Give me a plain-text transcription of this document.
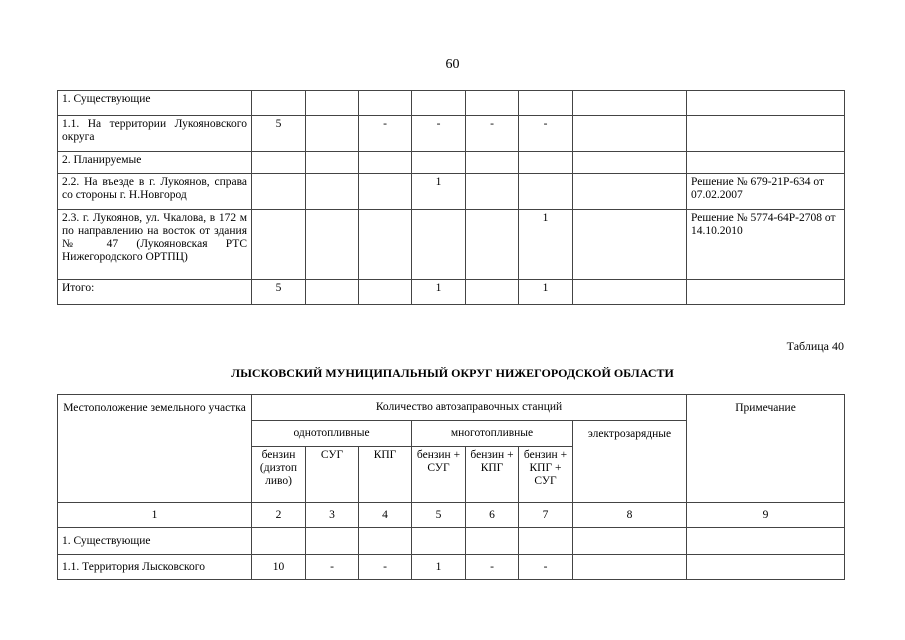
60
1. Существующие								
1.1. На территории Лукояновского округа	5		-	-	-	-		
2. Планируемые								
2.2. На въезде в г. Лукоянов, справа со стороны г. Н.Новгород				1				Решение № 679-21Р-634 от 07.02.2007
2.3. г. Лукоянов, ул. Чкалова, в 172 м по направлению на восток от здания № 47 (Лукояновская РТС Нижегородского ОРТПЦ)						1		Решение № 5774-64Р-2708 от 14.10.2010
Итого:	5			1		1		
Таблица 40
ЛЫСКОВСКИЙ МУНИЦИПАЛЬНЫЙ ОКРУГ НИЖЕГОРОДСКОЙ ОБЛАСТИ
Местоположение земельного участка	Количество автозаправочных станций							Примечание
	однотопливные			многотопливные			электрозарядные	
	бензин (дизтоп ливо)	СУГ	КПГ	бензин + СУГ	бензин + КПГ	бензин + КПГ + СУГ		
1	2	3	4	5	6	7	8	9
1. Существующие								
1.1. Территория Лысковского	10	-	-	1	-	-		
